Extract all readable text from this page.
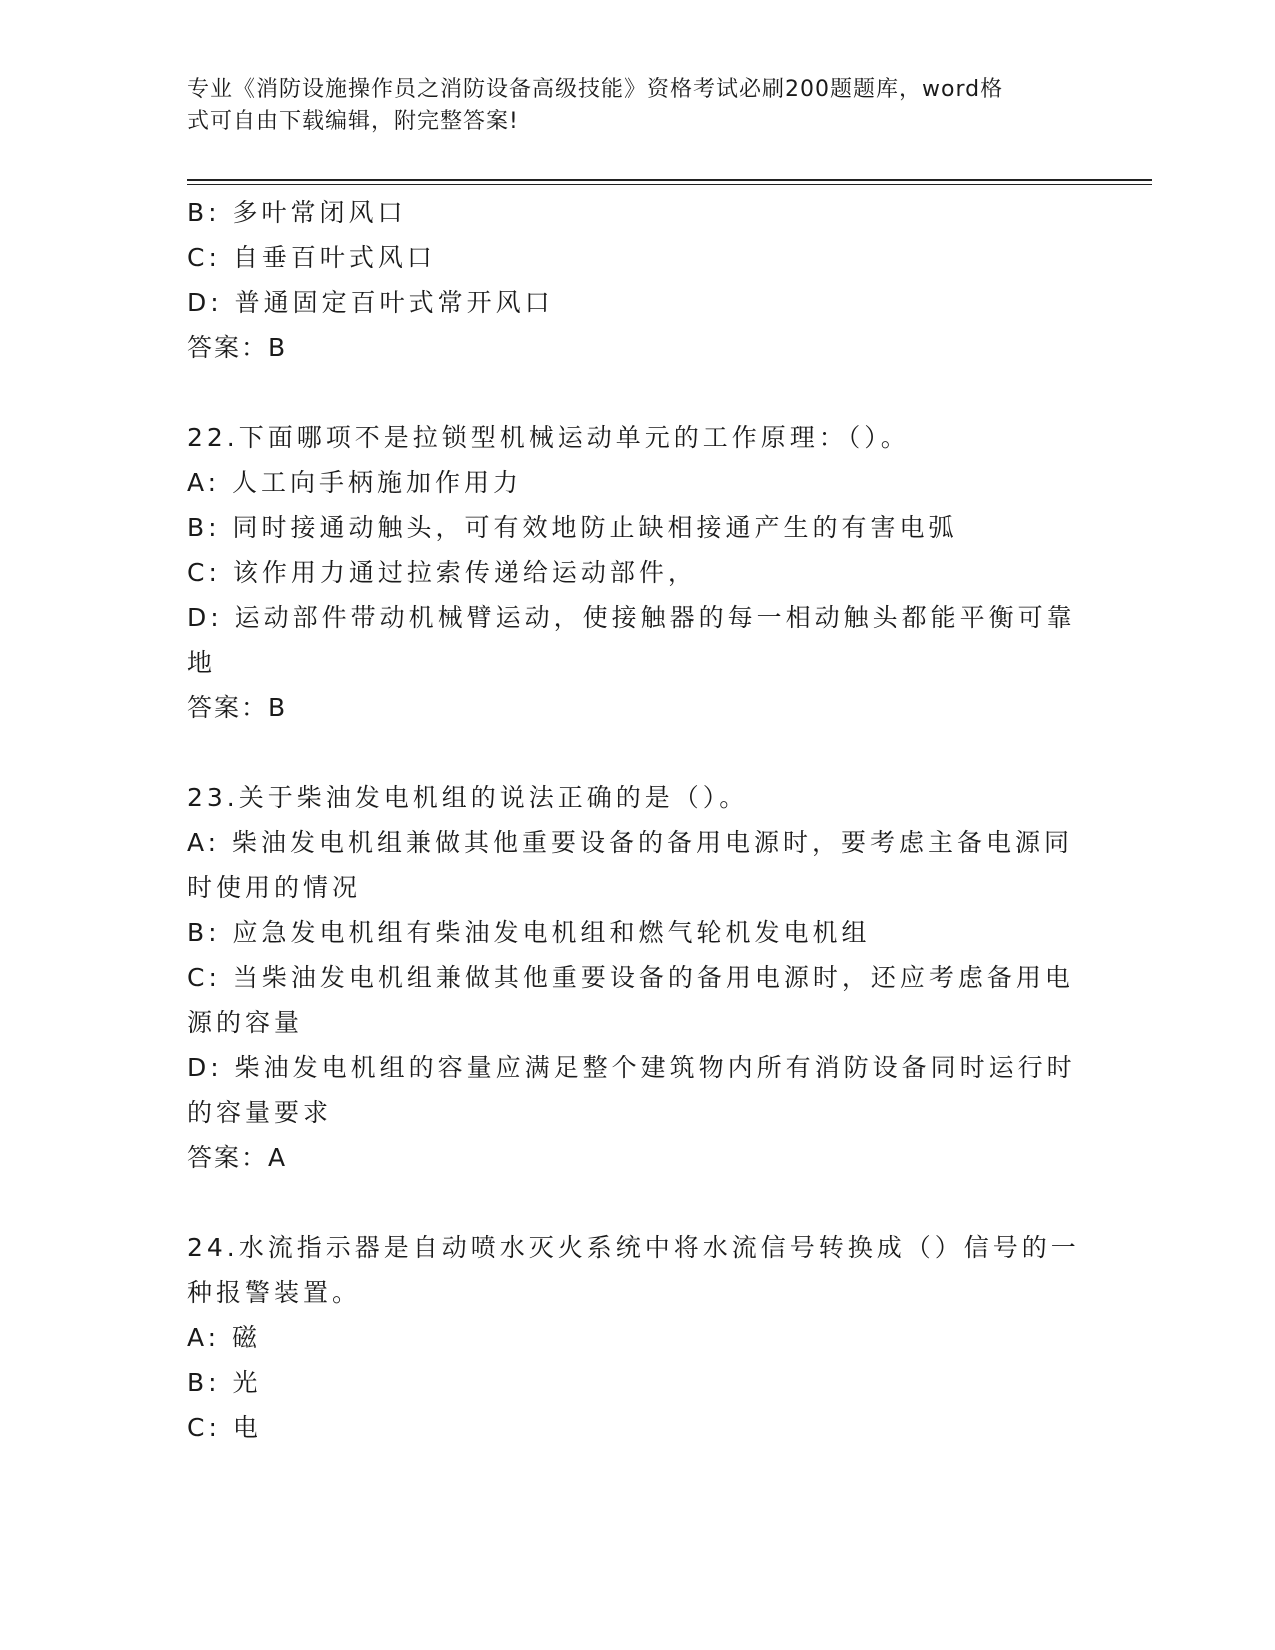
专业《消防设施操作员之消防设备高级技能》资格考试必刷200题题库，word格
式可自由下载编辑，附完整答案!
B: 多叶常闭风口
C: 自垂百叶式风口
D: 普通固定百叶式常开风口
答案：B
22.下面哪项不是拉锁型机械运动单元的工作原理：（）。
A: 人工向手柄施加作用力
B: 同时接通动触头，可有效地防止缺相接通产生的有害电弧
C: 该作用力通过拉索传递给运动部件，
D: 运动部件带动机械臂运动，使接触器的每一相动触头都能平衡可靠
地
答案：B
23.关于柴油发电机组的说法正确的是（）。
A: 柴油发电机组兼做其他重要设备的备用电源时，要考虑主备电源同
时使用的情况
B: 应急发电机组有柴油发电机组和燃气轮机发电机组
C: 当柴油发电机组兼做其他重要设备的备用电源时，还应考虑备用电
源的容量
D: 柴油发电机组的容量应满足整个建筑物内所有消防设备同时运行时
的容量要求
答案：A
24.水流指示器是自动喷水灭火系统中将水流信号转换成（）信号的一
种报警装置。
A: 磁
B: 光
C: 电
